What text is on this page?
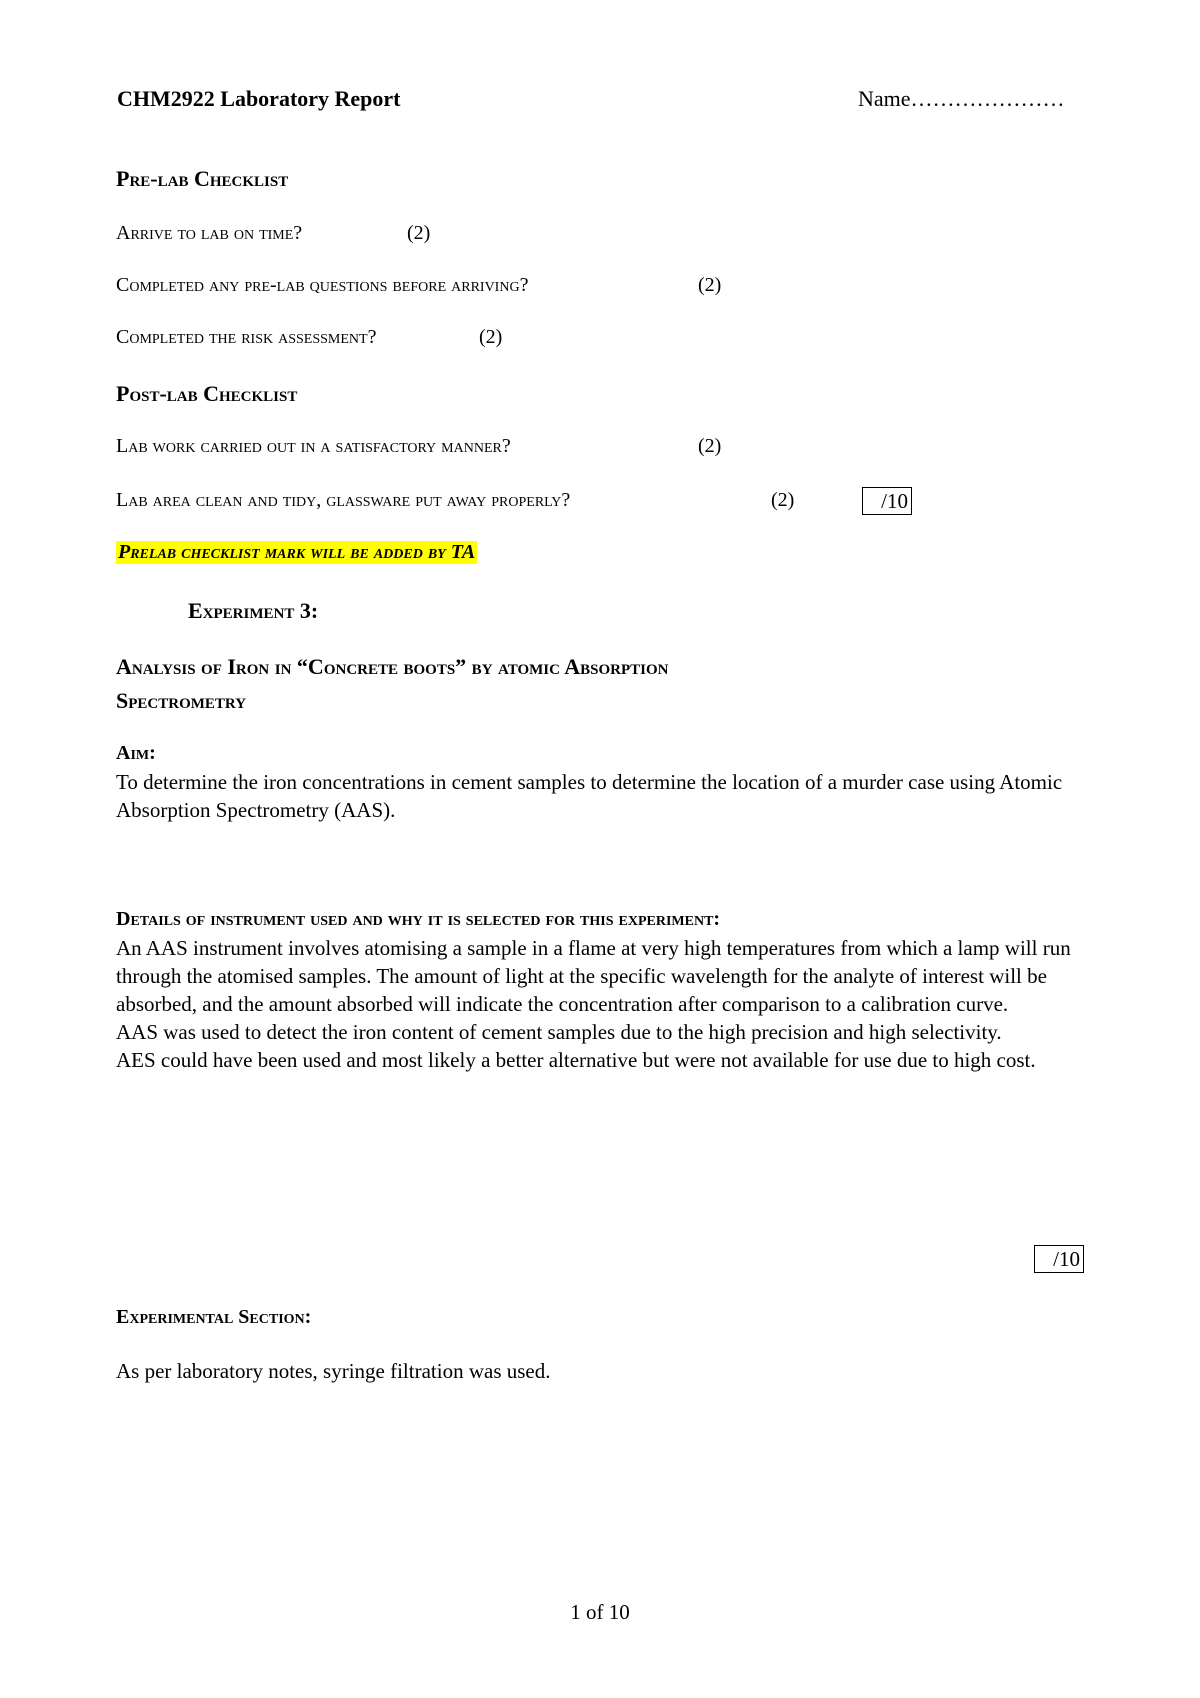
CHM2922 Laboratory Report	Name…………………
Pre-lab Checklist
Arrive to lab on time?	(2)
Completed any pre-lab questions before arriving?	(2)
Completed the risk assessment?	(2)
Post-lab Checklist
Lab work carried out in a satisfactory manner?	(2)
Lab area clean and tidy, glassware put away properly?	(2)	/10
Prelab checklist mark will be added by TA
Experiment 3:
Analysis of Iron in “Concrete boots” by atomic Absorption
Spectrometry
Aim:
To determine the iron concentrations in cement samples to determine the location of a murder case using Atomic Absorption Spectrometry (AAS).
Details of instrument used and why it is selected for this experiment:

An AAS instrument involves atomising a sample in a flame at very high temperatures from which a lamp will run through the atomised samples. The amount of light at the specific wavelength for the analyte of interest will be absorbed, and the amount absorbed will indicate the concentration after comparison to a calibration curve.

AAS was used to detect the iron content of cement samples due to the high precision and high selectivity.

AES could have been used and most likely a better alternative but were not available for use due to high cost.

/10
Experimental Section:
As per laboratory notes, syringe filtration was used.
1 of 10
